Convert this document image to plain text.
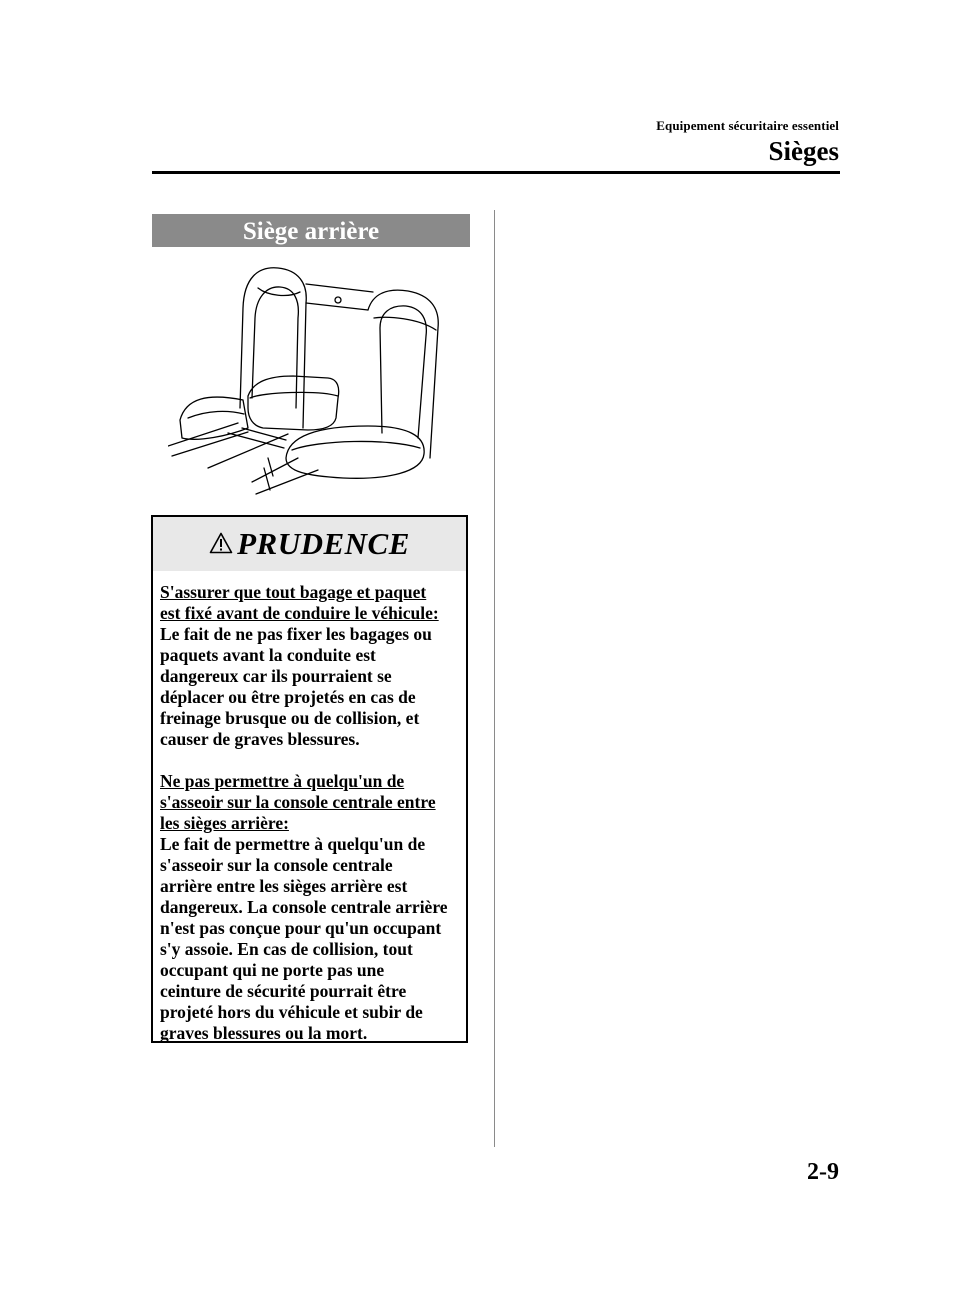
Equipement sécuritaire essentiel
Sièges
Siège arrière
PRUDENCE

S'assurer que tout bagage et paquet

est fixé avant de conduire le véhicule:

Le fait de ne pas fixer les bagages ou

paquets avant la conduite est

dangereux car ils pourraient se

déplacer ou être projetés en cas de

freinage brusque ou de collision, et

causer de graves blessures.

Ne pas permettre à quelqu'un de

s'asseoir sur la console centrale entre

les sièges arrière:

Le fait de permettre à quelqu'un de

s'asseoir sur la console centrale

arrière entre les sièges arrière est

dangereux. La console centrale arrière

n'est pas conçue pour qu'un occupant

s'y assoie. En cas de collision, tout

occupant qui ne porte pas une

ceinture de sécurité pourrait être

projeté hors du véhicule et subir de

graves blessures ou la mort.

2-9
